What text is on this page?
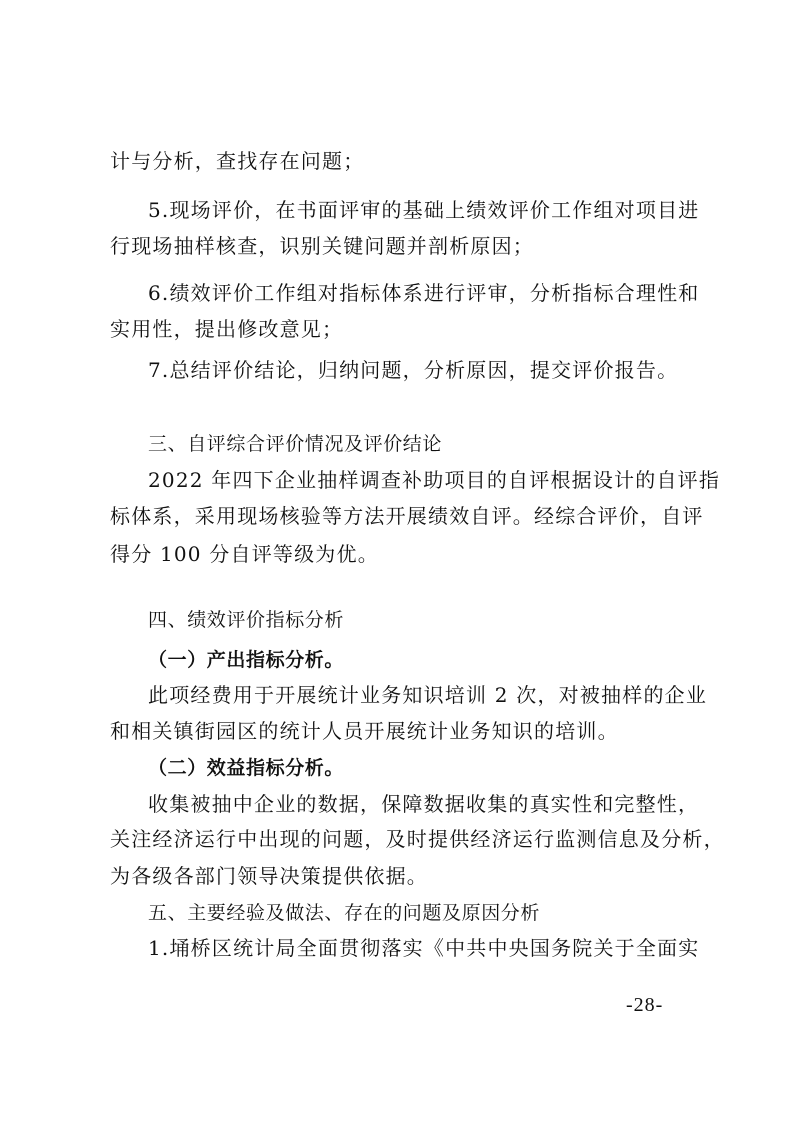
计与分析，查找存在问题；
5.现场评价，在书面评审的基础上绩效评价工作组对项目进
行现场抽样核查，识别关键问题并剖析原因；
6.绩效评价工作组对指标体系进行评审，分析指标合理性和
实用性，提出修改意见；
7.总结评价结论，归纳问题，分析原因，提交评价报告。
三、自评综合评价情况及评价结论
2022 年四下企业抽样调查补助项目的自评根据设计的自评指
标体系，采用现场核验等方法开展绩效自评。经综合评价，自评
得分 100 分自评等级为优。
四、绩效评价指标分析
（一）产出指标分析。
此项经费用于开展统计业务知识培训 2 次，对被抽样的企业
和相关镇街园区的统计人员开展统计业务知识的培训。
（二）效益指标分析。
收集被抽中企业的数据，保障数据收集的真实性和完整性，
关注经济运行中出现的问题，及时提供经济运行监测信息及分析，
为各级各部门领导决策提供依据。
五、主要经验及做法、存在的问题及原因分析
1.埇桥区统计局全面贯彻落实《中共中央国务院关于全面实
-28-
